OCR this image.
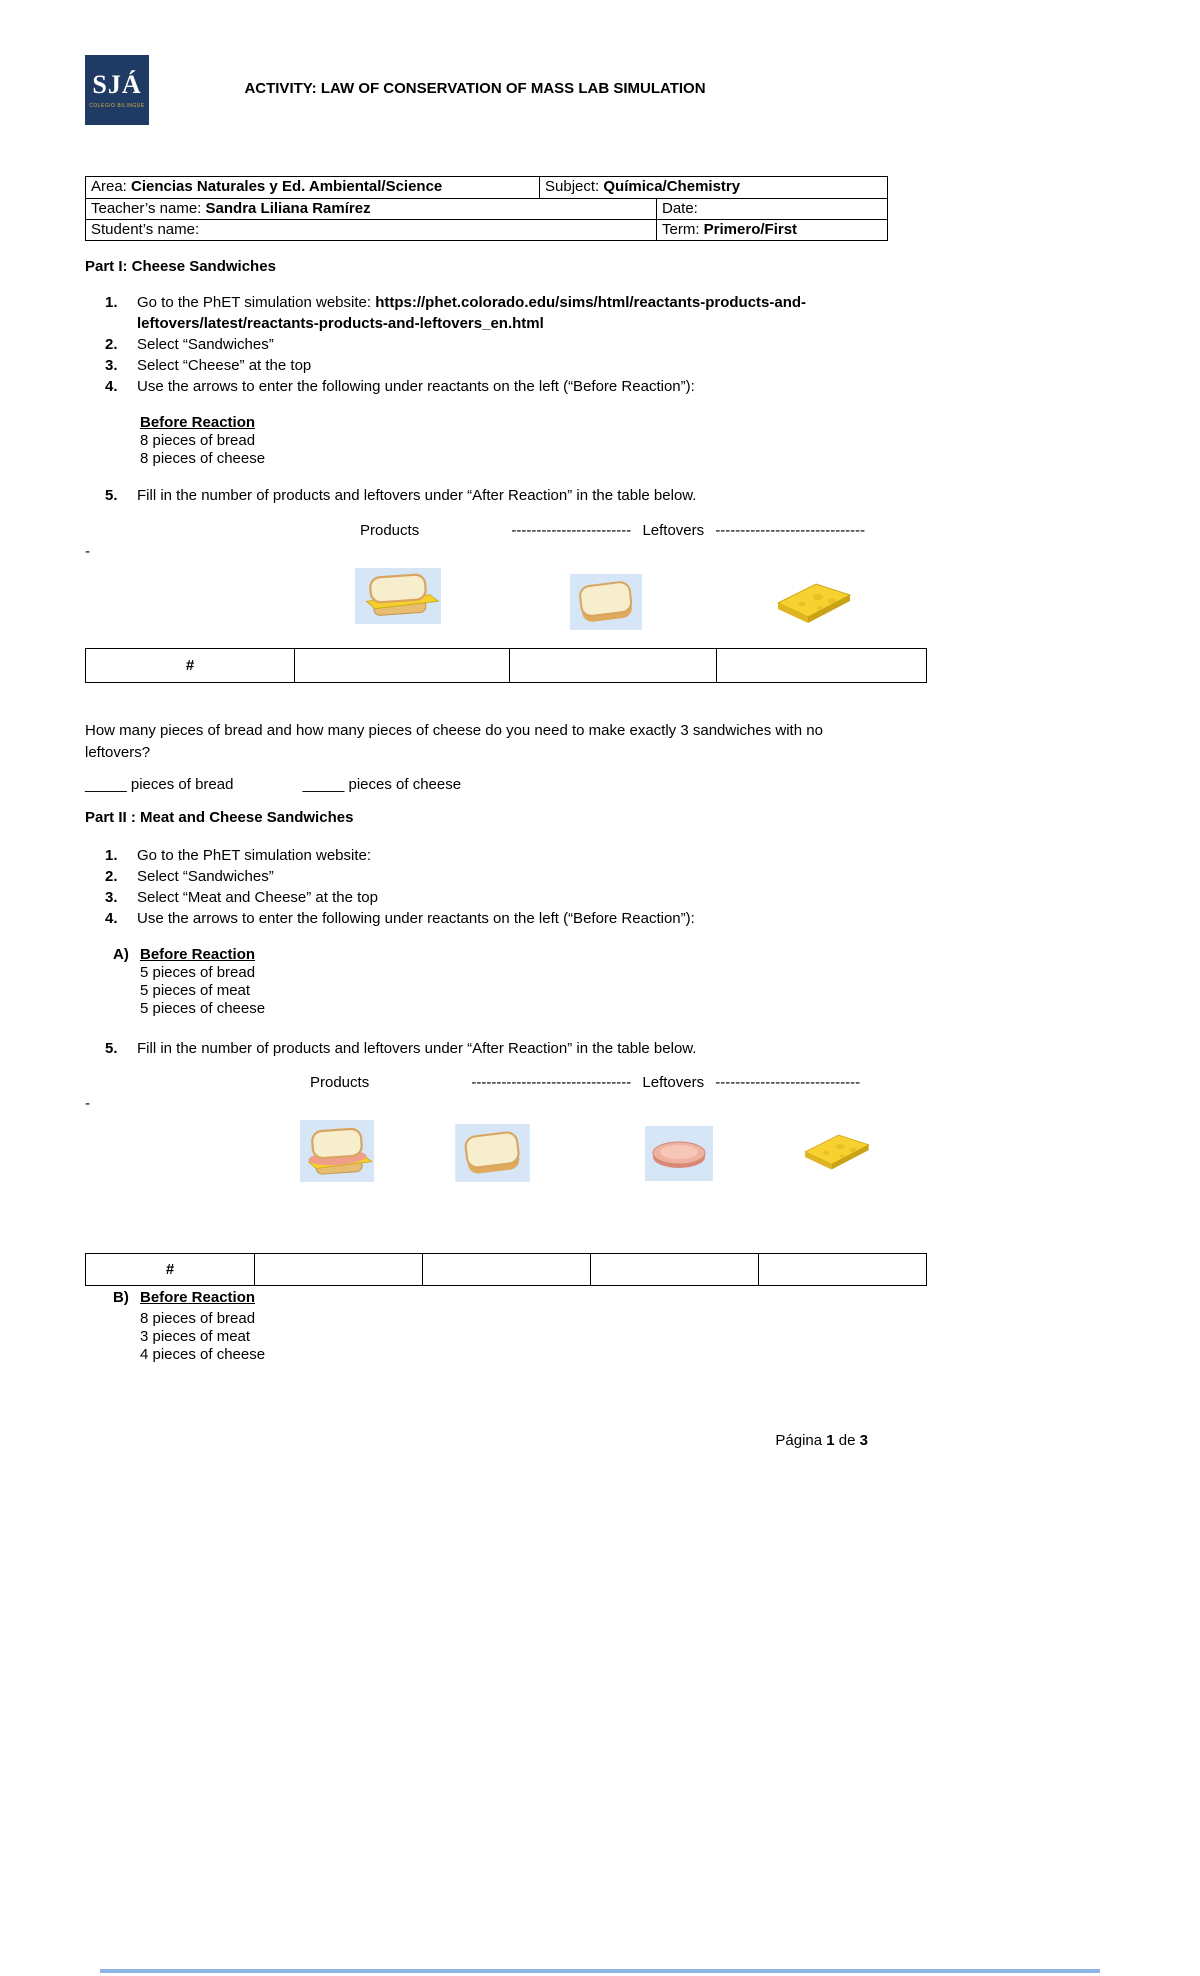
SJÁ
COLEGIO BILINGÜE
ACTIVITY: LAW OF CONSERVATION OF MASS LAB SIMULATION
Area: Ciencias Naturales y Ed. Ambiental/Science	Subject: Química/Chemistry
Teacher’s name: Sandra Liliana Ramírez	Date:
Student’s name:	Term: Primero/First
Part I: Cheese Sandwiches
1.	Go to the PhET simulation website: https://phet.colorado.edu/sims/html/reactants-products-and-leftovers/latest/reactants-products-and-leftovers_en.html
2.	Select “Sandwiches”
3.	Select “Cheese” at the top
4.	Use the arrows to enter the following under reactants on the left (“Before Reaction”):
Before Reaction
8 pieces of bread
8 pieces of cheese
5.	Fill in the number of products and leftovers under “After Reaction” in the table below.
Products	------------------------ Leftovers ------------------------------
-
#
How many pieces of bread and how many pieces of cheese do you need to make exactly 3 sandwiches with no leftovers?
_____ pieces of bread	_____ pieces of cheese
Part II : Meat and Cheese Sandwiches
1.	Go to the PhET simulation website:
2.	Select “Sandwiches”
3.	Select “Meat and Cheese” at the top
4.	Use the arrows to enter the following under reactants on the left (“Before Reaction”):
A) Before Reaction
5 pieces of bread
5 pieces of meat
5 pieces of cheese
5.	Fill in the number of products and leftovers under “After Reaction” in the table below.
Products	-------------------------------- Leftovers -----------------------------
-
#
B) Before Reaction
8 pieces of bread
3 pieces of meat
4 pieces of cheese
Página 1 de 3
